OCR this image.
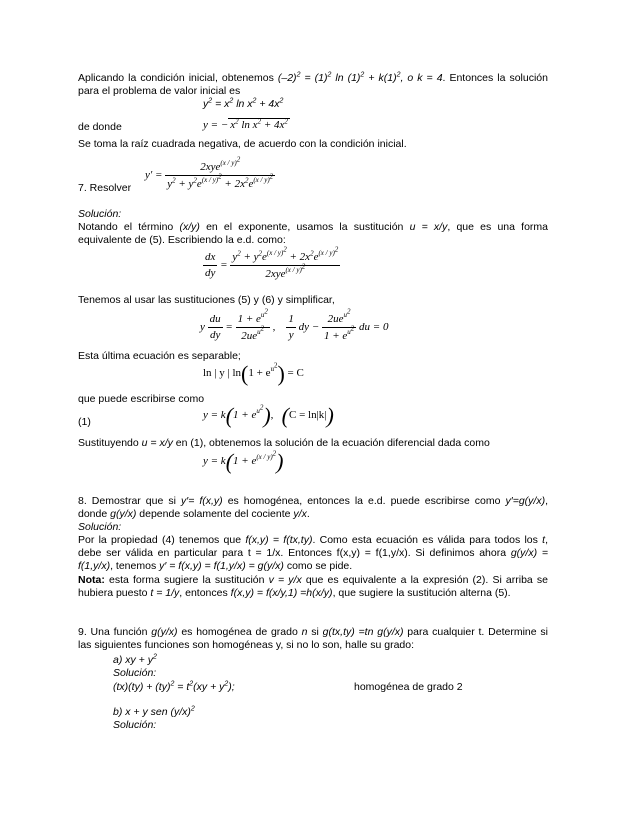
Aplicando la condición inicial, obtenemos $(-2)^2 = (1)^2$ $\ln (1)^2 + k(1)^2$, o k = 4. Entonces la solución para el problema de valor inicial es
$y^2 = x^2$ $\ln x^2 + 4x^2$
de donde	y = − $x^2$ $\ln x^2 + 4x^2$
Se toma la raíz cuadrada negativa, de acuerdo con la condición inicial.
7. Resolver
$y' = \frac{2xye^{(x / y)^2}}{y^2 + y^2e^{(x / y)^2} + 2x^2e^{(x / y)^2}}$
Solución:
Notando el término (x/y) en el exponente, usamos la sustitución u = x/y, que es una forma equivalente de (5). Escribiendo la e.d. como:
$\frac{dx}{dy} = \frac{y^2 + y^2e^{(x / y)^2} + 2x^2e^{(x / y)^2}}{2xye^{(x / y)^2}}$
Tenemos al usar las sustituciones (5) y (6) y simplificar,
y $\frac{du}{dy} = \frac{1 + e^{u^2}}{2ue^{u^2}}$ , $\frac{1}{y}$ dy − $\frac{2ue^{u^2}}{1 + e^{u^2}}$ du = 0
Esta última ecuación es separable;
ln | y | $\ln(1 + e^{u^2}) = C$
que puede escribirse como
(1)
$y = k(1 + e^{u^2})$, (C = ln|k|)
Sustituyendo u = x/y en (1), obtenemos la solución de la ecuación diferencial dada como
$y = k(1 + e^{(x / y)^2})$
8. Demostrar que si y′= f(x,y) es homogénea, entonces la e.d. puede escribirse como y′=g(y/x), donde g(y/x) depende solamente del cociente y/x.
Solución:
Por la propiedad (4) tenemos que f(x,y) = f(tx,ty). Como esta ecuación es válida para todos los t, debe ser válida en particular para t = 1/x. Entonces f(x,y) = f(1,y/x). Si definimos ahora g(y/x) = f(1,y/x), tenemos y′ = f(x,y) = f(1,y/x) = g(y/x) como se pide.
Nota: esta forma sugiere la sustitución v = y/x que es equivalente a la expresión (2). Si arriba se hubiera puesto t = 1/y, entonces f(x,y) = f(x/y,1) =h(x/y), que sugiere la sustitución alterna (5).
9. Una función g(y/x) es homogénea de grado n si g(tx,ty) =tn g(y/x) para cualquier t. Determine si las siguientes funciones son homogéneas y, si no lo son, halle su grado:
a) xy + $y^2$
Solución:
$(tx)(ty) + (ty)^2 = t^2(xy + y^2)$;	homogénea de grado 2
b) x + y sen $(y/x)^2$
Solución:
